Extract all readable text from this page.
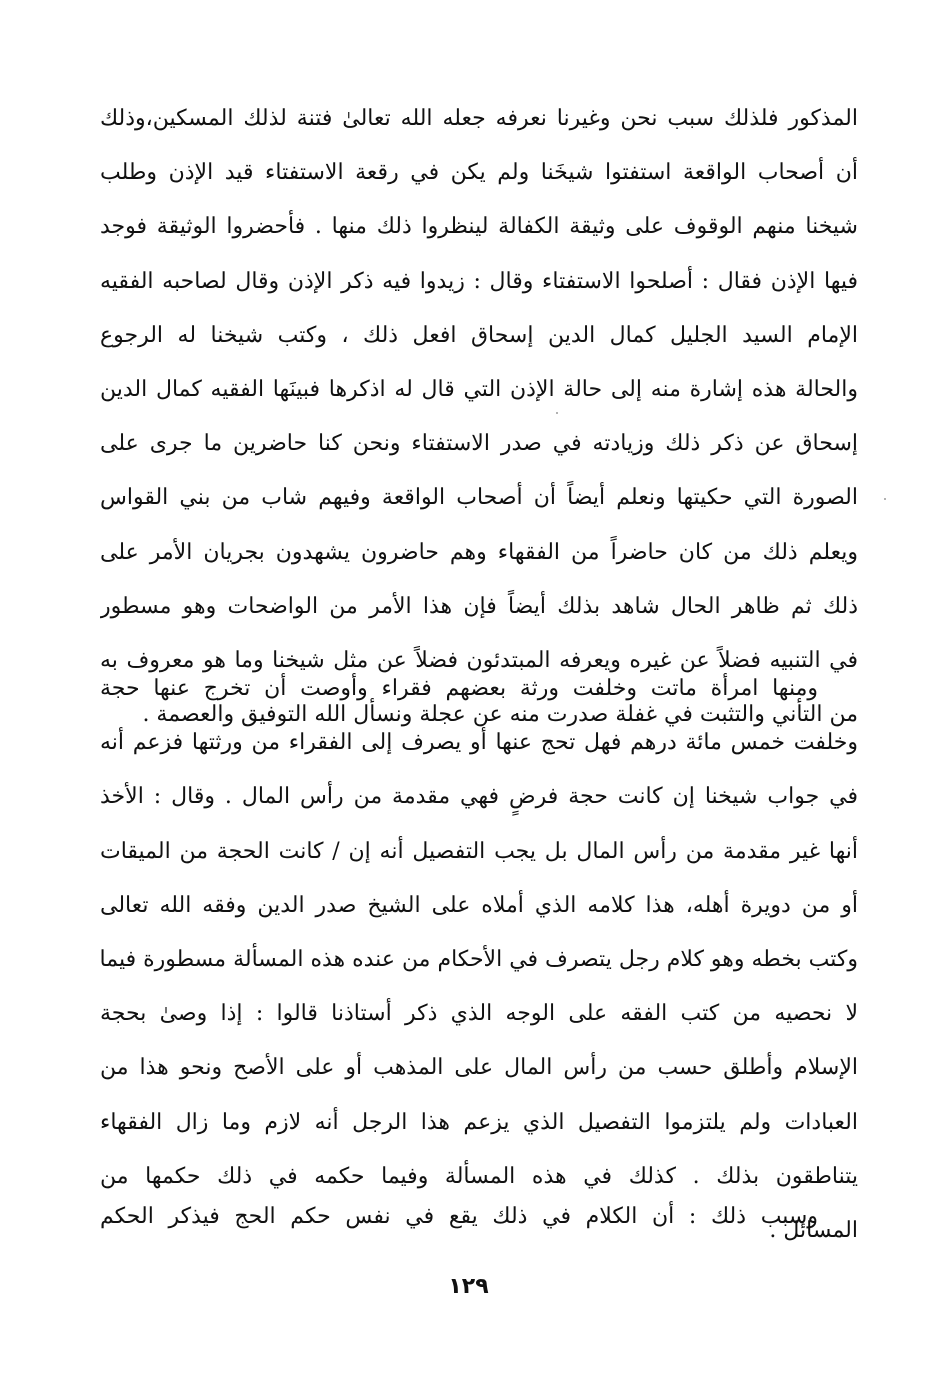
المذكور فلذلك سبب نحن وغيرنا نعرفه جعله الله تعالىٰ فتنة لذلك المسكين،وذلك
أن أصحاب الواقعة استفتوا شيخَنا ولم يكن في رقعة الاستفتاء قيد الإذن وطلب
شيخنا منهم الوقوف على وثيقة الكفالة لينظروا ذلك منها . فأحضروا الوثيقة فوجد
فيها الإذن فقال : أصلحوا الاستفتاء وقال : زيدوا فيه ذكر الإذن وقال لصاحبه الفقيه
الإمام السيد الجليل كمال الدين إسحاق افعل ذلك ، وكتب شيخنا له الرجوع
والحالة هذه إشارة منه إلى حالة الإذن التي قال له اذكرها فبينَها الفقيه كمال الدين
إسحاق عن ذكر ذلك وزيادته في صدر الاستفتاء ونحن كنا حاضرين ما جرى على
الصورة التي حكيتها ونعلم أيضاً أن أصحاب الواقعة وفيهم شاب من بني القواس
ويعلم ذلك من كان حاضراً من الفقهاء وهم حاضرون يشهدون بجريان الأمر على
ذلك ثم ظاهر الحال شاهد بذلك أيضاً فإن هذا الأمر من الواضحات وهو مسطور
في التنبيه فضلاً عن غيره ويعرفه المبتدئون فضلاً عن مثل شيخنا وما هو معروف به
من التأني والتثبت في غفلة صدرت منه عن عجلة ونسأل الله التوفيق والعصمة .
ومنها امرأة ماتت وخلفت ورثة بعضهم فقراء وأوصت أن تخرج عنها حجة
وخلفت خمس مائة درهم فهل تحج عنها أو يصرف إلى الفقراء من ورثتها فزعم أنه
في جواب شيخنا إن كانت حجة فرضٍ فهي مقدمة من رأس المال . وقال : الأخذ
أنها غير مقدمة من رأس المال بل يجب التفصيل أنه إن / كانت الحجة من الميقات
أو من دويرة أهله، هذا كلامه الذي أملاه على الشيخ صدر الدين وفقه الله تعالى
وكتب بخطه وهو كلام رجل يتصرف في الأحكام من عنده هذه المسألة مسطورة فيما
لا نحصيه من كتب الفقه على الوجه الذي ذكر أستاذنا قالوا : إذا وصىٰ بحجة
الإسلام وأطلق حسب من رأس المال على المذهب أو على الأصح ونحو هذا من
العبادات ولم يلتزموا التفصيل الذي يزعم هذا الرجل أنه لازم وما زال الفقهاء
يتناطقون بذلك . كذلك في هذه المسألة وفيما حكمه في ذلك حكمها من
المسائل .
وسبب ذلك : أن الكلام في ذلك يقع في نفس حكم الحج فيذكر الحكم
١٢٩
